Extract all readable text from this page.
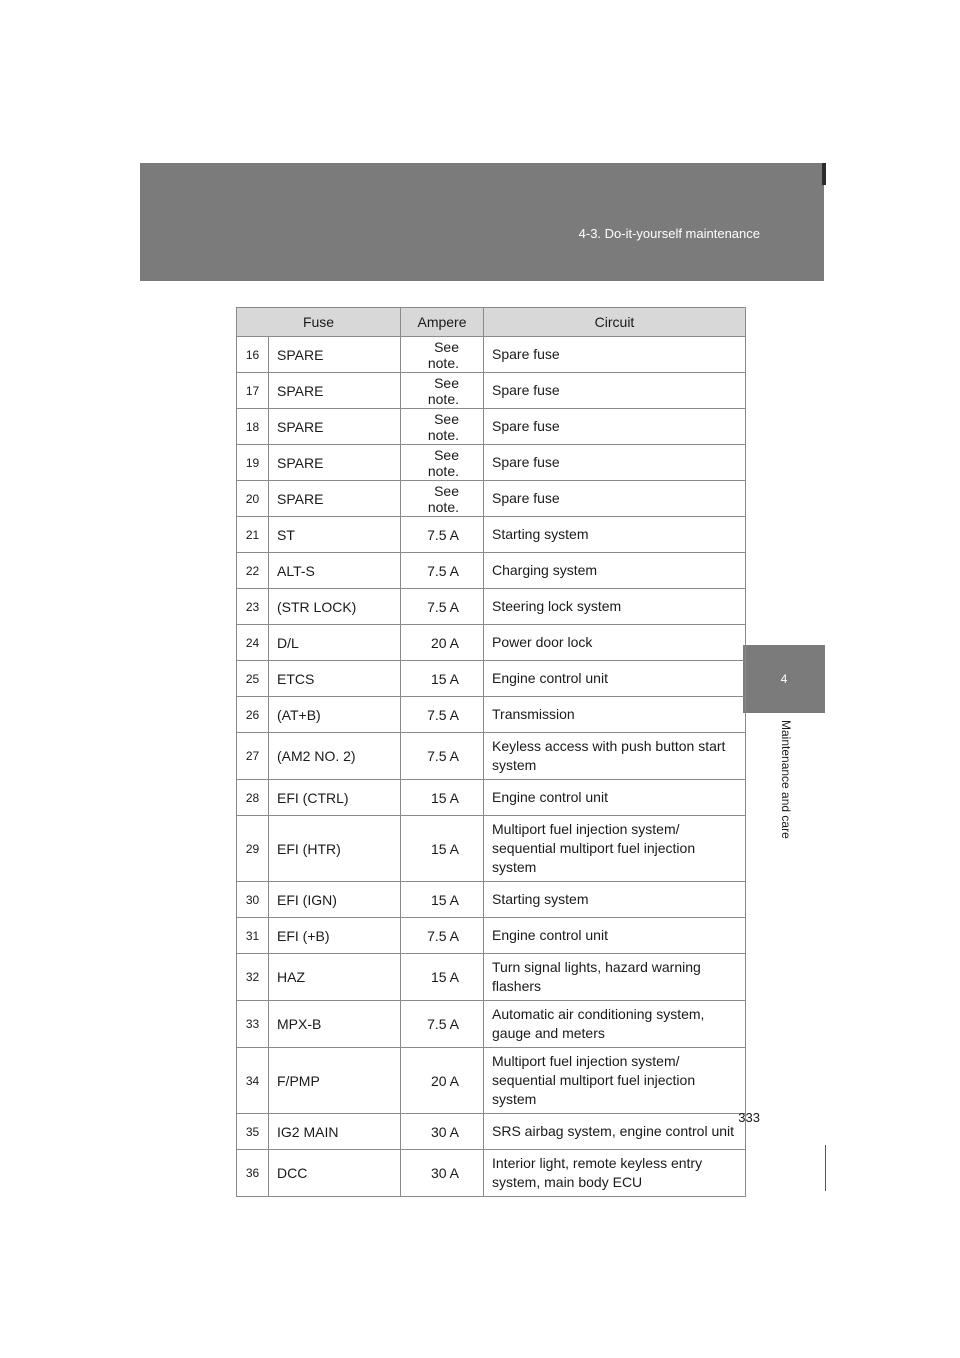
4-3. Do-it-yourself maintenance
4
Maintenance and care
Fuse		Ampere	Circuit
16	SPARE	See note.	Spare fuse
17	SPARE	See note.	Spare fuse
18	SPARE	See note.	Spare fuse
19	SPARE	See note.	Spare fuse
20	SPARE	See note.	Spare fuse
21	ST	7.5 A	Starting system
22	ALT-S	7.5 A	Charging system
23	(STR LOCK)	7.5 A	Steering lock system
24	D/L	20 A	Power door lock
25	ETCS	15 A	Engine control unit
26	(AT+B)	7.5 A	Transmission
27	(AM2 NO. 2)	7.5 A	Keyless access with push button start system
28	EFI (CTRL)	15 A	Engine control unit
29	EFI (HTR)	15 A	Multiport fuel injection system/ sequential multiport fuel injection system
30	EFI (IGN)	15 A	Starting system
31	EFI (+B)	7.5 A	Engine control unit
32	HAZ	15 A	Turn signal lights, hazard warning flashers
33	MPX-B	7.5 A	Automatic air conditioning system, gauge and meters
34	F/PMP	20 A	Multiport fuel injection system/ sequential multiport fuel injection system
35	IG2 MAIN	30 A	SRS airbag system, engine control unit
36	DCC	30 A	Interior light, remote keyless entry system, main body ECU
333
